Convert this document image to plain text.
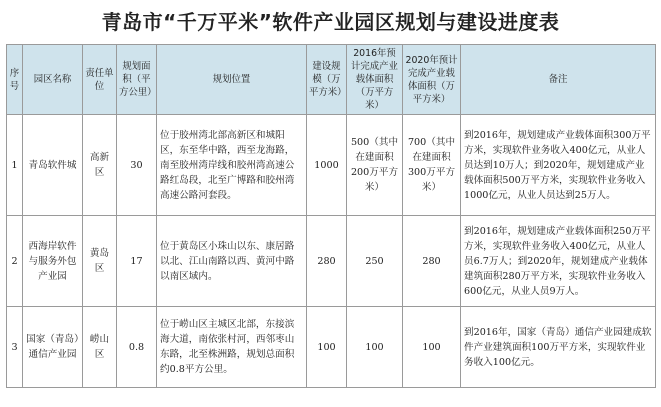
青岛市“千万平米”软件产业园区规划与建设进度表
序号	园区名称	责任单位	规划面积（平方公里）	规划位置	建设规模（万平方米）	2016年预计完成产业载体面积（万平方米）	2020年预计完成产业载体面积（万平方米）	备注
1	青岛软件城	高新区	30	位于胶州湾北部高新区和城阳区，东至华中路，西至龙海路，南至胶州湾岸线和胶州湾高速公路红岛段，北至广博路和胶州湾高速公路河套段。	1000	500（其中在建面积200万平方米）	700（其中在建面积300万平方米）	到2016年，规划建成产业载体面积300万平方米，实现软件业务收入400亿元，从业人员达到10万人；到2020年，规划建成产业载体面积500万平方米，实现软件业务收入1000亿元，从业人员达到25万人。
2	西海岸软件与服务外包产业园	黄岛区	17	位于黄岛区小珠山以东、康居路以北、江山南路以西、黄河中路以南区域内。	280	250	280	到2016年，规划建成产业载体面积250万平方米，实现软件业务收入400亿元，从业人员6.7万人；到2020年，规划建成产业载体建筑面积280万平方米，实现软件业务收入600亿元，从业人员9万人。
3	国家（青岛）通信产业园	崂山区	0.8	位于崂山区主城区北部，东接滨海大道，南依张村河，西邻枣山东路，北至株洲路，规划总面积约0.8平方公里。	100	100	100	到2016年，国家（青岛）通信产业园建成软件产业建筑面积100万平方米，实现软件业务收入100亿元。
